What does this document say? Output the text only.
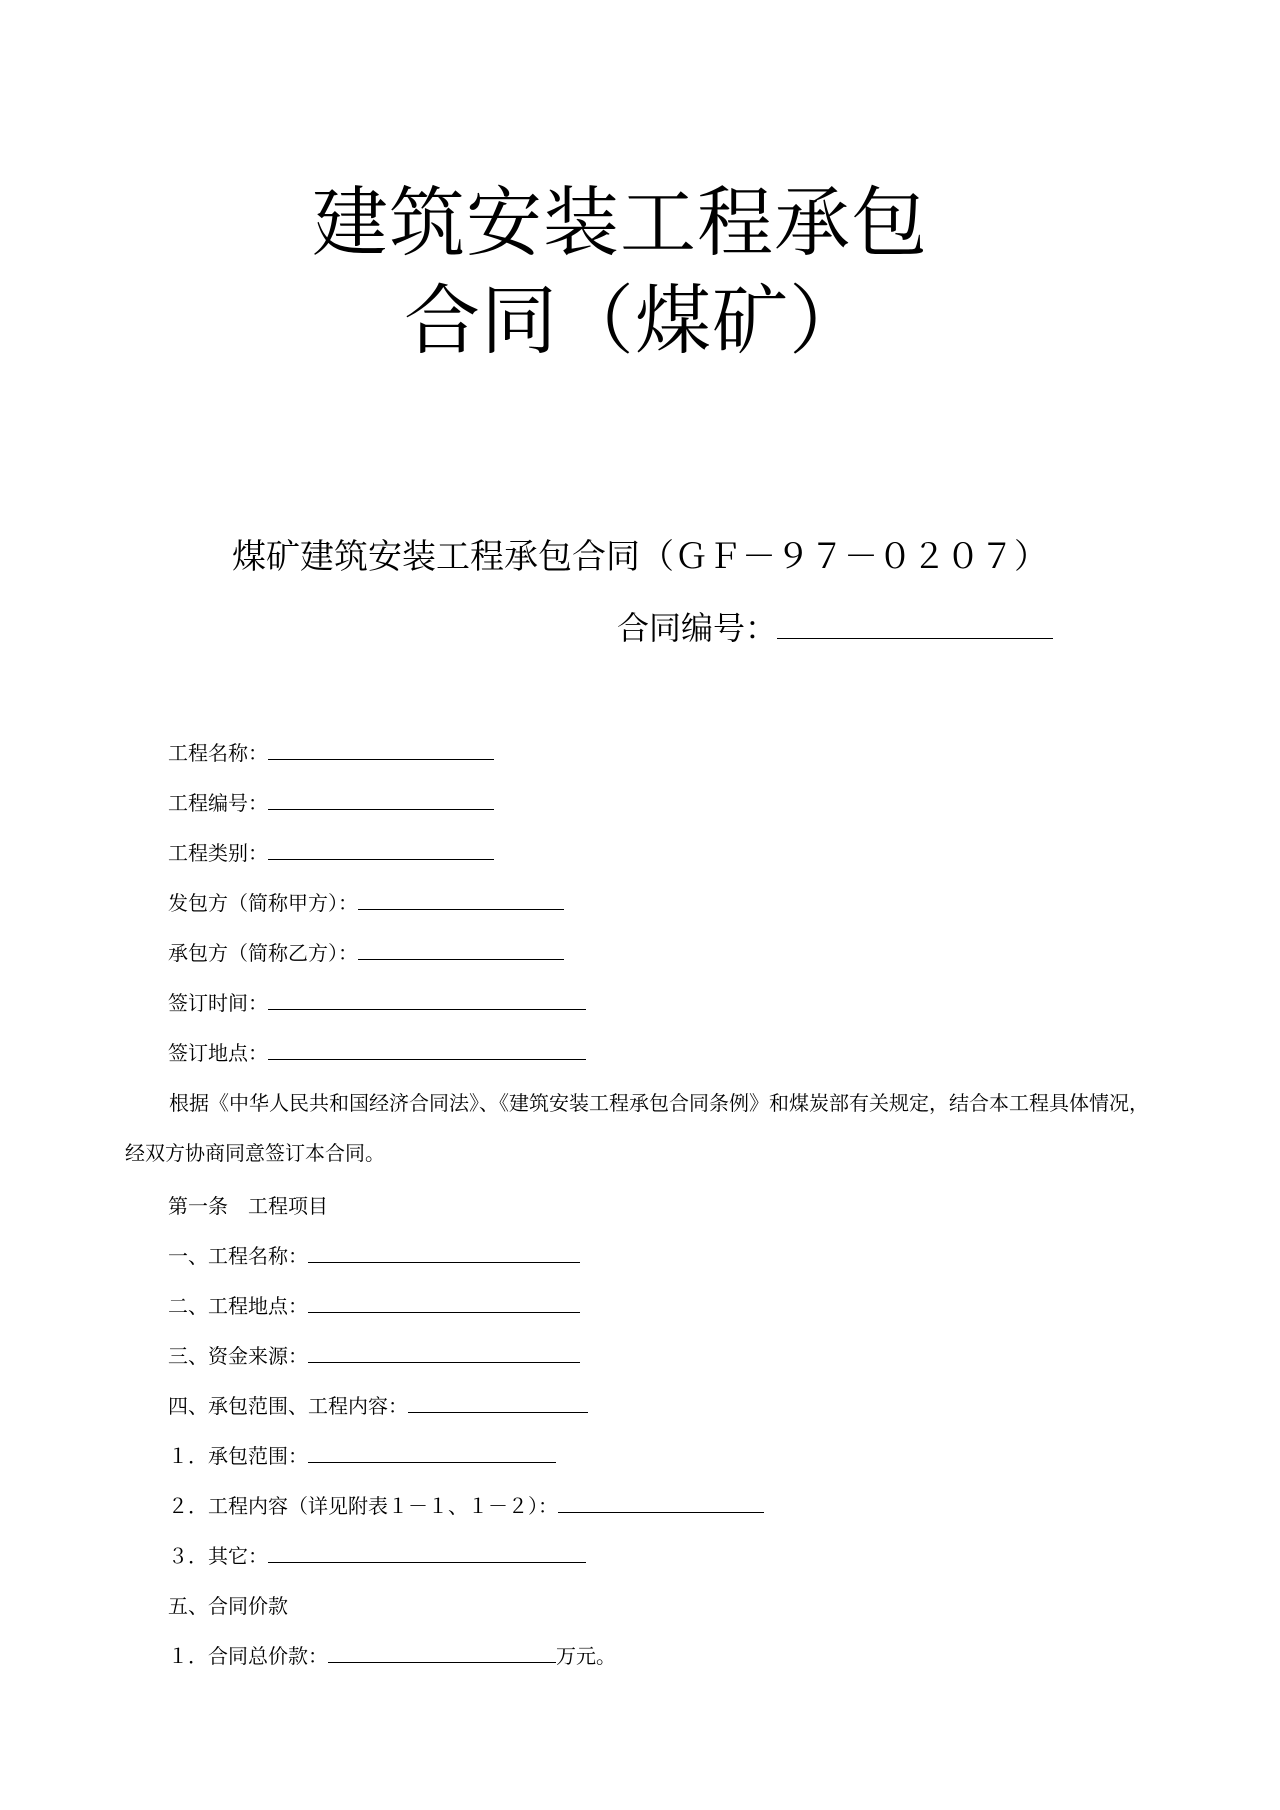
建筑安装工程承包
合同（煤矿）
煤矿建筑安装工程承包合同（ＧＦ－９７－０２０７）
合同编号：
工程名称：
工程编号：
工程类别：
发包方（简称甲方）：
承包方（简称乙方）：
签订时间：
签订地点：
根据《中华人民共和国经济合同法》、《建筑安装工程承包合同条例》和煤炭部有关规定，结合本工程具体情况，经双方协商同意签订本合同。
第一条　工程项目
一、工程名称：
二、工程地点：
三、资金来源：
四、承包范围、工程内容：
１．承包范围：
２．工程内容（详见附表１－１、１－２）：
３．其它：
五、合同价款
１．合同总价款：	万元。
